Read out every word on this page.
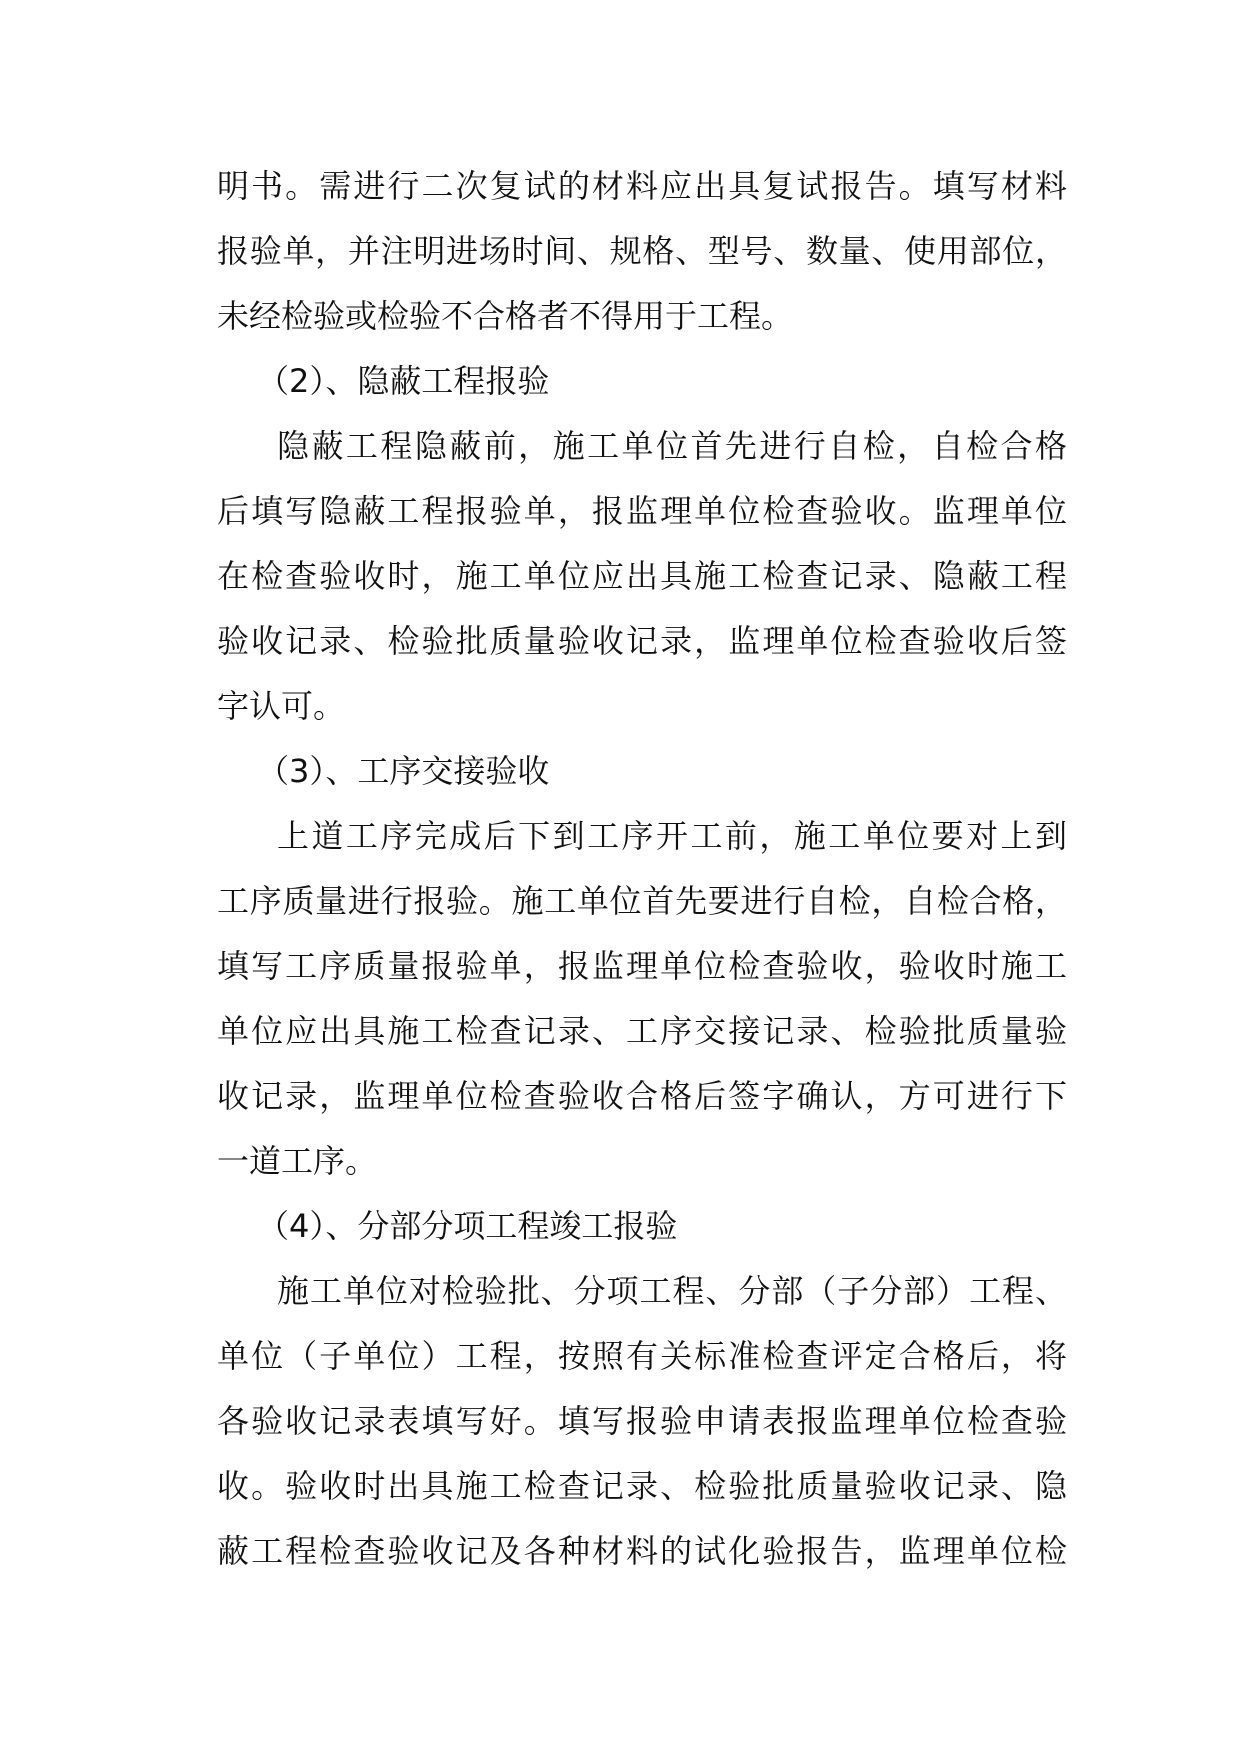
明书。需进行二次复试的材料应出具复试报告。填写材料
报验单，并注明进场时间、规格、型号、数量、使用部位，
未经检验或检验不合格者不得用于工程。
（2）、隐蔽工程报验
隐蔽工程隐蔽前，施工单位首先进行自检，自检合格
后填写隐蔽工程报验单，报监理单位检查验收。监理单位
在检查验收时，施工单位应出具施工检查记录、隐蔽工程
验收记录、检验批质量验收记录，监理单位检查验收后签
字认可。
（3）、工序交接验收
上道工序完成后下到工序开工前，施工单位要对上到
工序质量进行报验。施工单位首先要进行自检，自检合格，
填写工序质量报验单，报监理单位检查验收，验收时施工
单位应出具施工检查记录、工序交接记录、检验批质量验
收记录，监理单位检查验收合格后签字确认，方可进行下
一道工序。
（4）、分部分项工程竣工报验
施工单位对检验批、分项工程、分部（子分部）工程、
单位（子单位）工程，按照有关标准检查评定合格后，将
各验收记录表填写好。填写报验申请表报监理单位检查验
收。验收时出具施工检查记录、检验批质量验收记录、隐
蔽工程检查验收记及各种材料的试化验报告，监理单位检
